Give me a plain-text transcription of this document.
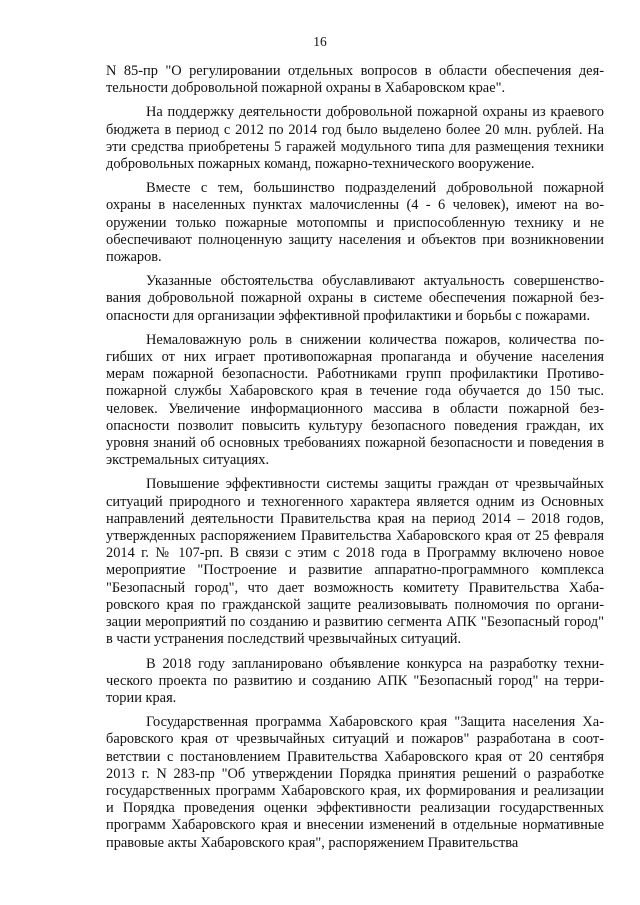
16

N 85-пр "О регулировании отдельных вопросов в области обеспечения деятельности добровольной пожарной охраны в Хабаровском крае".

На поддержку деятельности добровольной пожарной охраны из краевого бюджета в период с 2012 по 2014 год было выделено более 20 млн. рублей. На эти средства приобретены 5 гаражей модульного типа для размещения техники добровольных пожарных команд, пожарно-технического вооружение.

Вместе с тем, большинство подразделений добровольной пожарной охраны в населенных пунктах малочисленны (4 - 6 человек), имеют на вооружении только пожарные мотопомпы и приспособленную технику и не обеспечивают полноценную защиту населения и объектов при возникновении пожаров.

Указанные обстоятельства обуславливают актуальность совершенствования добровольной пожарной охраны в системе обеспечения пожарной безопасности для организации эффективной профилактики и борьбы с пожарами.

Немаловажную роль в снижении количества пожаров, количества погибших от них играет противопожарная пропаганда и обучение населения мерам пожарной безопасности. Работниками групп профилактики Противопожарной службы Хабаровского края в течение года обучается до 150 тыс. человек. Увеличение информационного массива в области пожарной безопасности позволит повысить культуру безопасного поведения граждан, их уровня знаний об основных требованиях пожарной безопасности и поведения в экстремальных ситуациях.

Повышение эффективности системы защиты граждан от чрезвычайных ситуаций природного и техногенного характера является одним из Основных направлений деятельности Правительства края на период 2014 – 2018 годов, утвержденных распоряжением Правительства Хабаровского края от 25 февраля 2014 г. № 107-рп. В связи с этим с 2018 года в Программу включено новое мероприятие "Построение и развитие аппаратно-программного комплекса "Безопасный город", что дает возможность комитету Правительства Хабаровского края по гражданской защите реализовывать полномочия по организации мероприятий по созданию и развитию сегмента АПК "Безопасный город" в части устранения последствий чрезвычайных ситуаций.

В 2018 году запланировано объявление конкурса на разработку технического проекта по развитию и созданию АПК "Безопасный город" на территории края.

Государственная программа Хабаровского края "Защита населения Хабаровского края от чрезвычайных ситуаций и пожаров" разработана в соответствии с постановлением Правительства Хабаровского края от 20 сентября 2013 г. N 283-пр "Об утверждении Порядка принятия решений о разработке государственных программ Хабаровского края, их формирования и реализации и Порядка проведения оценки эффективности реализации государственных программ Хабаровского края и внесении изменений в отдельные нормативные правовые акты Хабаровского края", распоряжением Правительства
